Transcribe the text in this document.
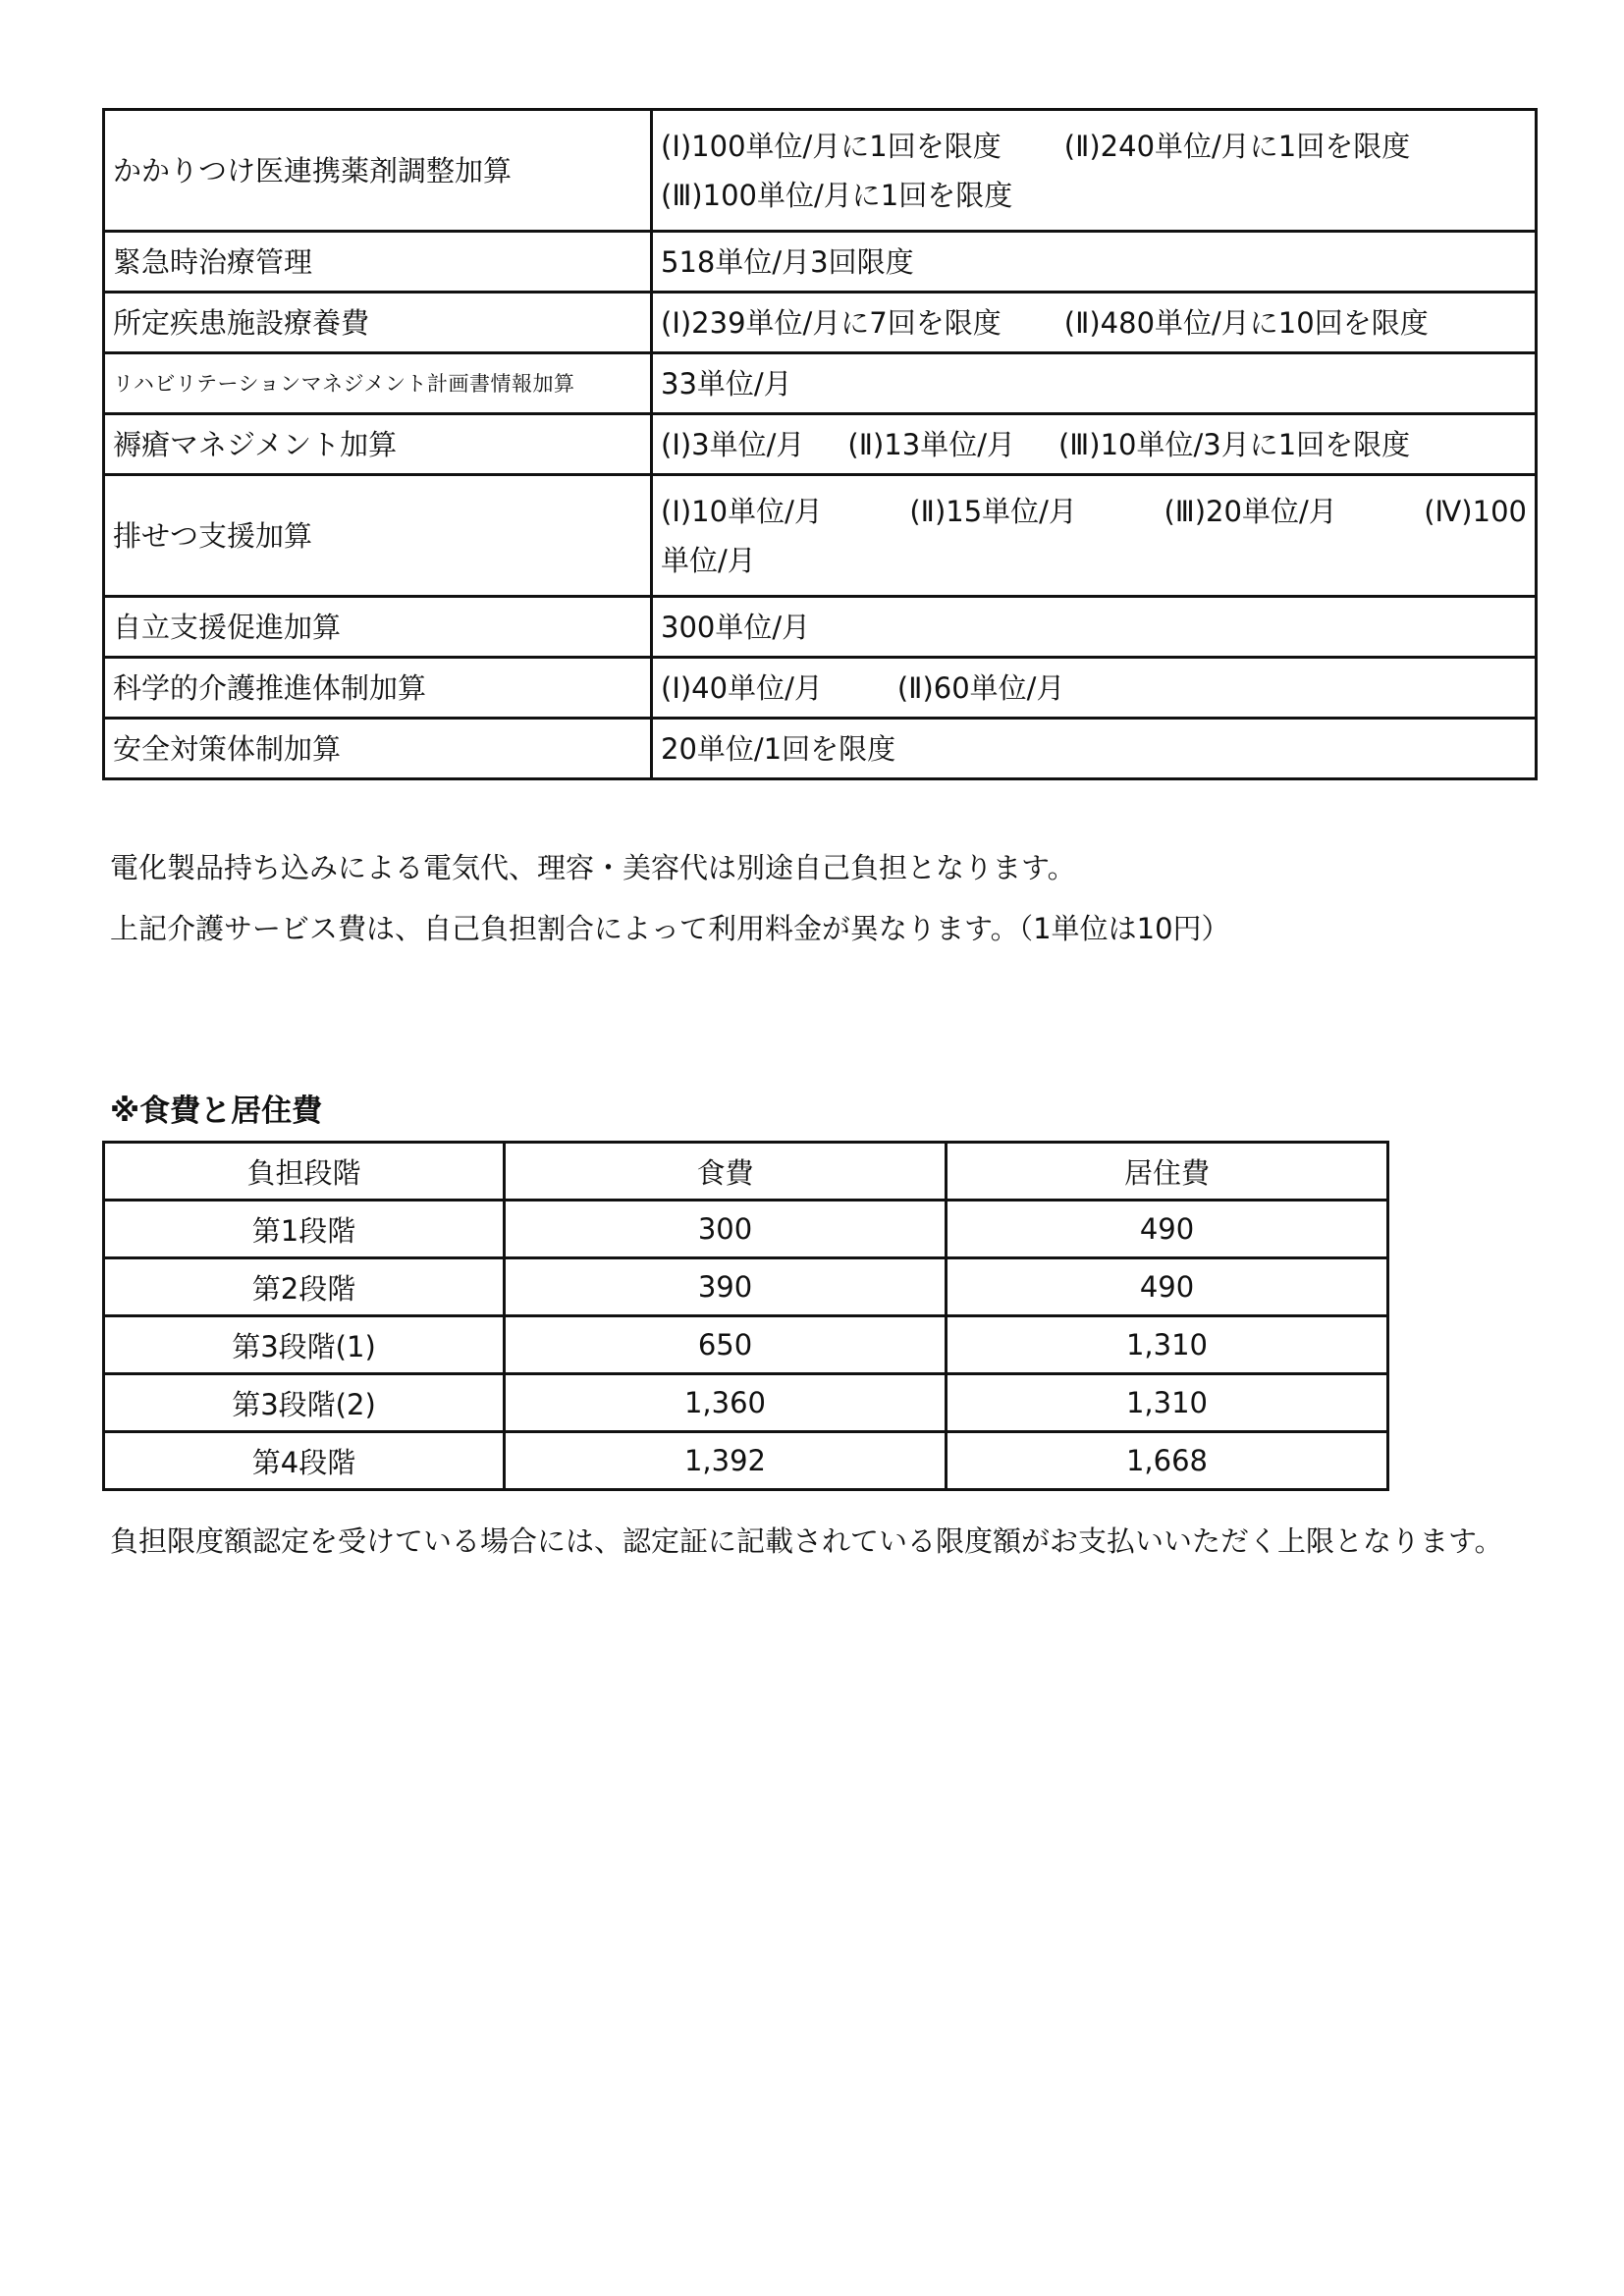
かかりつけ医連携薬剤調整加算	(Ⅰ)100単位/月に1回を限度 (Ⅱ)240単位/月に1回を限度
(Ⅲ)100単位/月に1回を限度

緊急時治療管理	518単位/月3回限度
所定疾患施設療養費	(Ⅰ)239単位/月に7回を限度 (Ⅱ)480単位/月に10回を限度
リハビリテーションマネジメント計画書情報加算	33単位/月
褥瘡マネジメント加算	(Ⅰ)3単位/月 (Ⅱ)13単位/月 (Ⅲ)10単位/3月に1回を限度
排せつ支援加算	(Ⅰ)10単位/月 (Ⅱ)15単位/月 (Ⅲ)20単位/月 (Ⅳ)100
単位/月

自立支援促進加算	300単位/月
科学的介護推進体制加算	(Ⅰ)40単位/月 (Ⅱ)60単位/月
安全対策体制加算	20単位/1回を限度
電化製品持ち込みによる電気代、理容・美容代は別途自己負担となります。
上記介護サービス費は、自己負担割合によって利用料金が異なります。（1単位は10円）
※食費と居住費
負担段階	食費	居住費
第1段階	300	490
第2段階	390	490
第3段階(1)	650	1,310
第3段階(2)	1,360	1,310
第4段階	1,392	1,668
負担限度額認定を受けている場合には、認定証に記載されている限度額がお支払いいただく上限となります。
